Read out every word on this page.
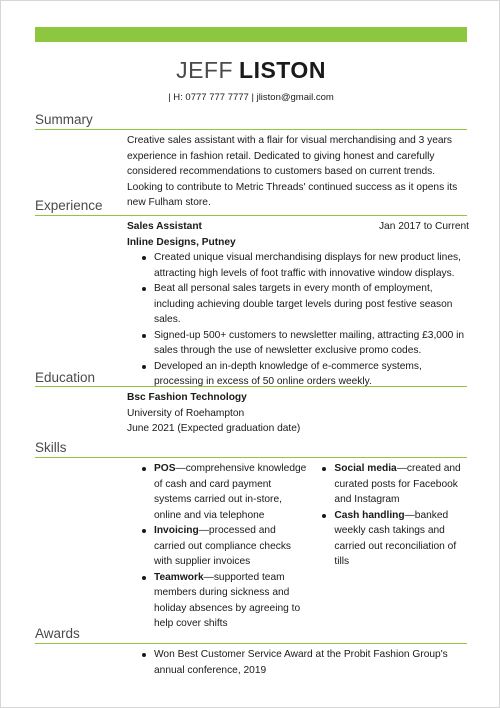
JEFF LISTON
| H: 0777 777 7777 | jliston@gmail.com
Summary

Creative sales assistant with a flair for visual merchandising and 3 years experience in fashion retail. Dedicated to giving honest and carefully considered recommendations to customers based on current trends. Looking to contribute to Metric Threads' continued success as it opens its new Fulham store.

Experience
Sales Assistant	Jan 2017 to Current
Inline Designs, Putney
Created unique visual merchandising displays for new product lines, attracting high levels of foot traffic with innovative window displays.
Beat all personal sales targets in every month of employment, including achieving double target levels during post festive season sales.
Signed-up 500+ customers to newsletter mailing, attracting £3,000 in sales through the use of newsletter exclusive promo codes.
Developed an in-depth knowledge of e-commerce systems, processing in excess of 50 online orders weekly.
Education
Bsc Fashion Technology
University of Roehampton
June 2021 (Expected graduation date)
Skills
POS—comprehensive knowledge of cash and card payment systems carried out in-store, online and via telephone
Invoicing—processed and carried out compliance checks with supplier invoices
Teamwork—supported team members during sickness and holiday absences by agreeing to help cover shifts
Social media—created and curated posts for Facebook and Instagram
Cash handling—banked weekly cash takings and carried out reconciliation of tills
Awards
Won Best Customer Service Award at the Probit Fashion Group's annual conference, 2019
